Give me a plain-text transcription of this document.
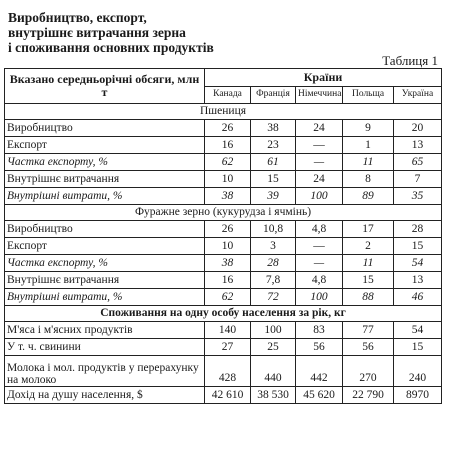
Виробництво, експорт,
внутрішнє витрачання зерна
і споживання основних продуктів
Таблиця 1
Вказано середньорічні обсяги, млн т	Країни				
	Канада	Франція	Німеччина	Польща	Україна
Пшениця					
Виробництво	26	38	24	9	20
Експорт	16	23	—	1	13
Частка експорту, %	62	61	—	11	65
Внутрішнє витрачання	10	15	24	8	7
Внутрішні витрати, %	38	39	100	89	35
Фуражне зерно (кукурудза і ячмінь)					
Виробництво	26	10,8	4,8	17	28
Експорт	10	3	—	2	15
Частка експорту, %	38	28	—	11	54
Внутрішнє витрачання	16	7,8	4,8	15	13
Внутрішні витрати, %	62	72	100	88	46
Споживання на одну особу населення за рік, кг					
М'яса і м'ясних продуктів	140	100	83	77	54
У т. ч. свинини	27	25	56	56	15
Молока і мол. продуктів у перерахунку на молоко	428	440	442	270	240
Дохід на душу населення, $	42 610	38 530	45 620	22 790	8970
